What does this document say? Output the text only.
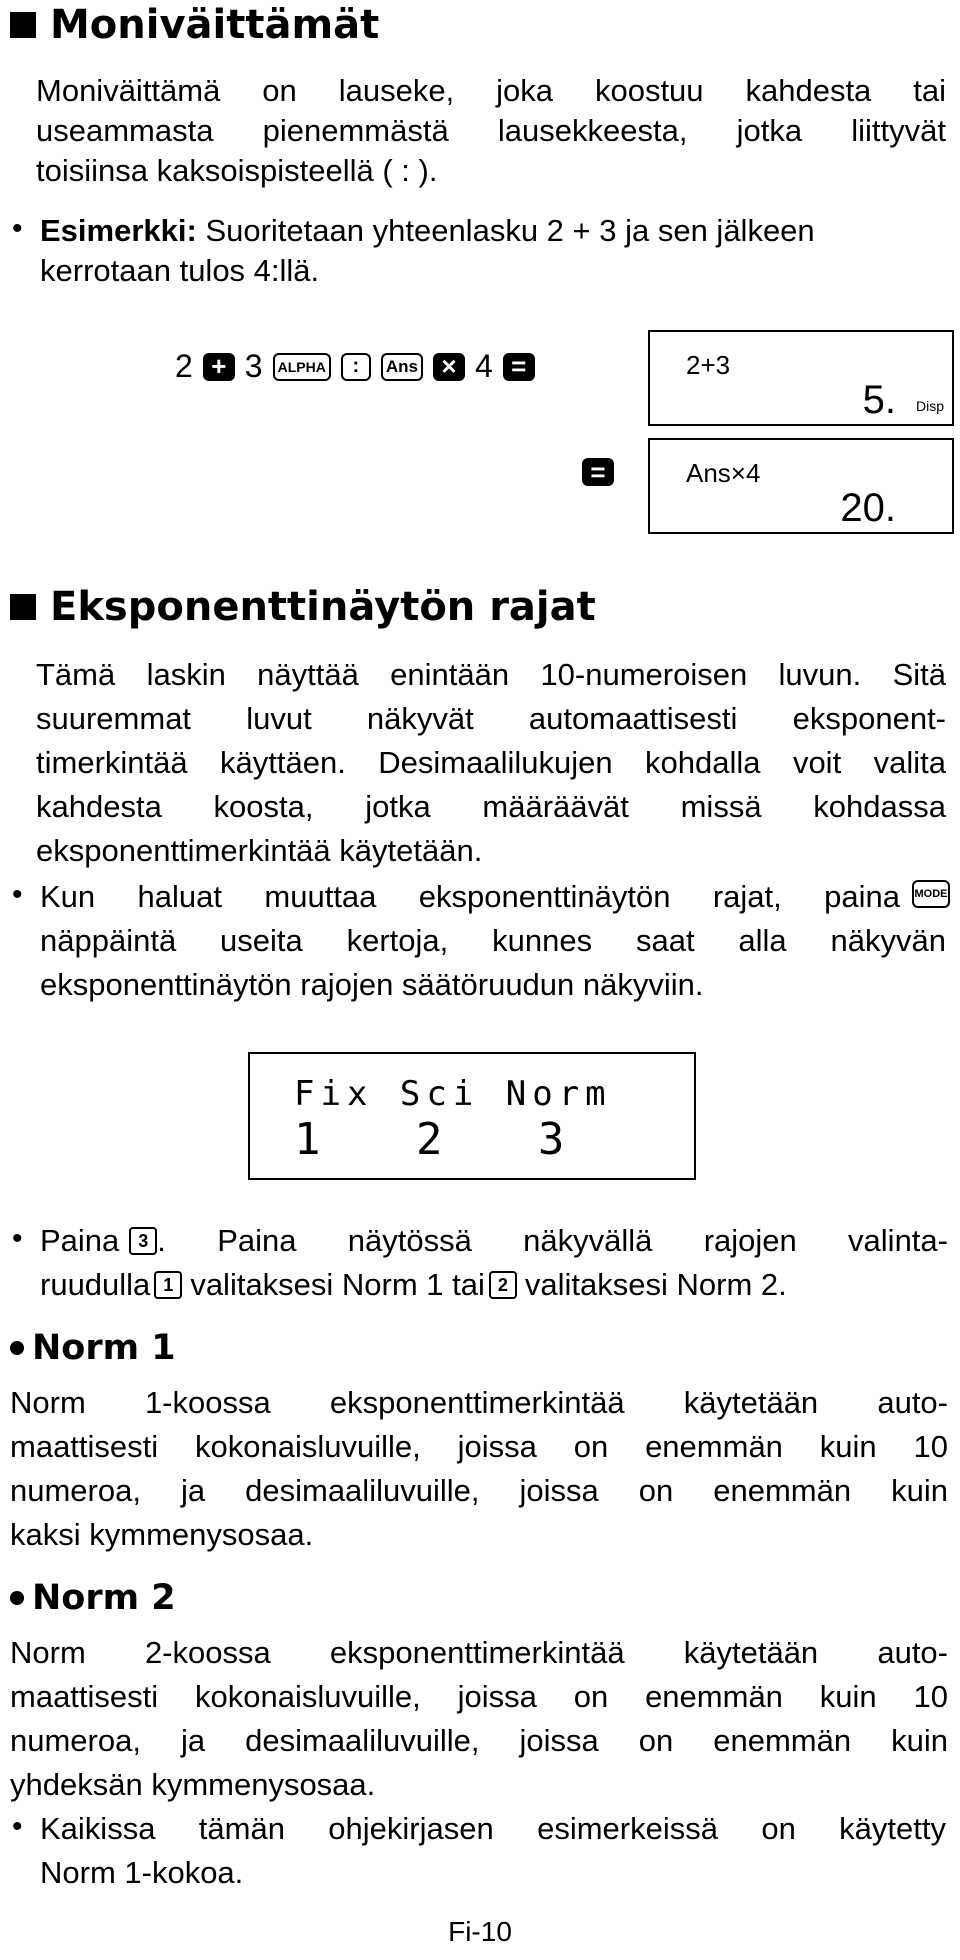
Moniväittämät
Moniväittämä on lauseke, joka koostuu kahdesta tai
useammasta pienemmästä lausekkeesta, jotka liittyvät
toisiinsa kaksoispisteellä ( : ).
• Esimerkki: Suoritetaan yhteenlasku 2 + 3 ja sen jälkeen
kerrotaan tulos 4:llä.
2 + 3	ALPHA	:	Ans × 4 =	2+3
5. Disp
=	Ans×4
20.
Eksponenttinäytön rajat
Tämä laskin näyttää enintään 10-numeroisen luvun. Sitä
suuremmat luvut näkyvät automaattisesti eksponent-
timerkintää käyttäen. Desimaalilukujen kohdalla voit valita
kahdesta koosta, jotka määräävät missä kohdassa
eksponenttimerkintää käytetään.
• Kun haluat muuttaa eksponenttinäytön rajat, paina MODE
näppäintä useita kertoja, kunnes saat alla näkyvän
eksponenttinäytön rajojen säätöruudun näkyviin.
Fix Sci Norm
1   2   3
• Paina	3 . Paina näytössä näkyvällä rajojen valinta-
ruudulla 1 valitaksesi Norm 1 tai 2 valitaksesi Norm 2.
Norm 1
Norm 1-koossa eksponenttimerkintää käytetään auto-
maattisesti kokonaisluvuille, joissa on enemmän kuin 10
numeroa, ja desimaaliluvuille, joissa on enemmän kuin
kaksi kymmenysosaa.
Norm 2
Norm 2-koossa eksponenttimerkintää käytetään auto-
maattisesti kokonaisluvuille, joissa on enemmän kuin 10
numeroa, ja desimaaliluvuille, joissa on enemmän kuin
yhdeksän kymmenysosaa.
• Kaikissa tämän ohjekirjasen esimerkeissä on käytetty
Norm 1-kokoa.
Fi-10
